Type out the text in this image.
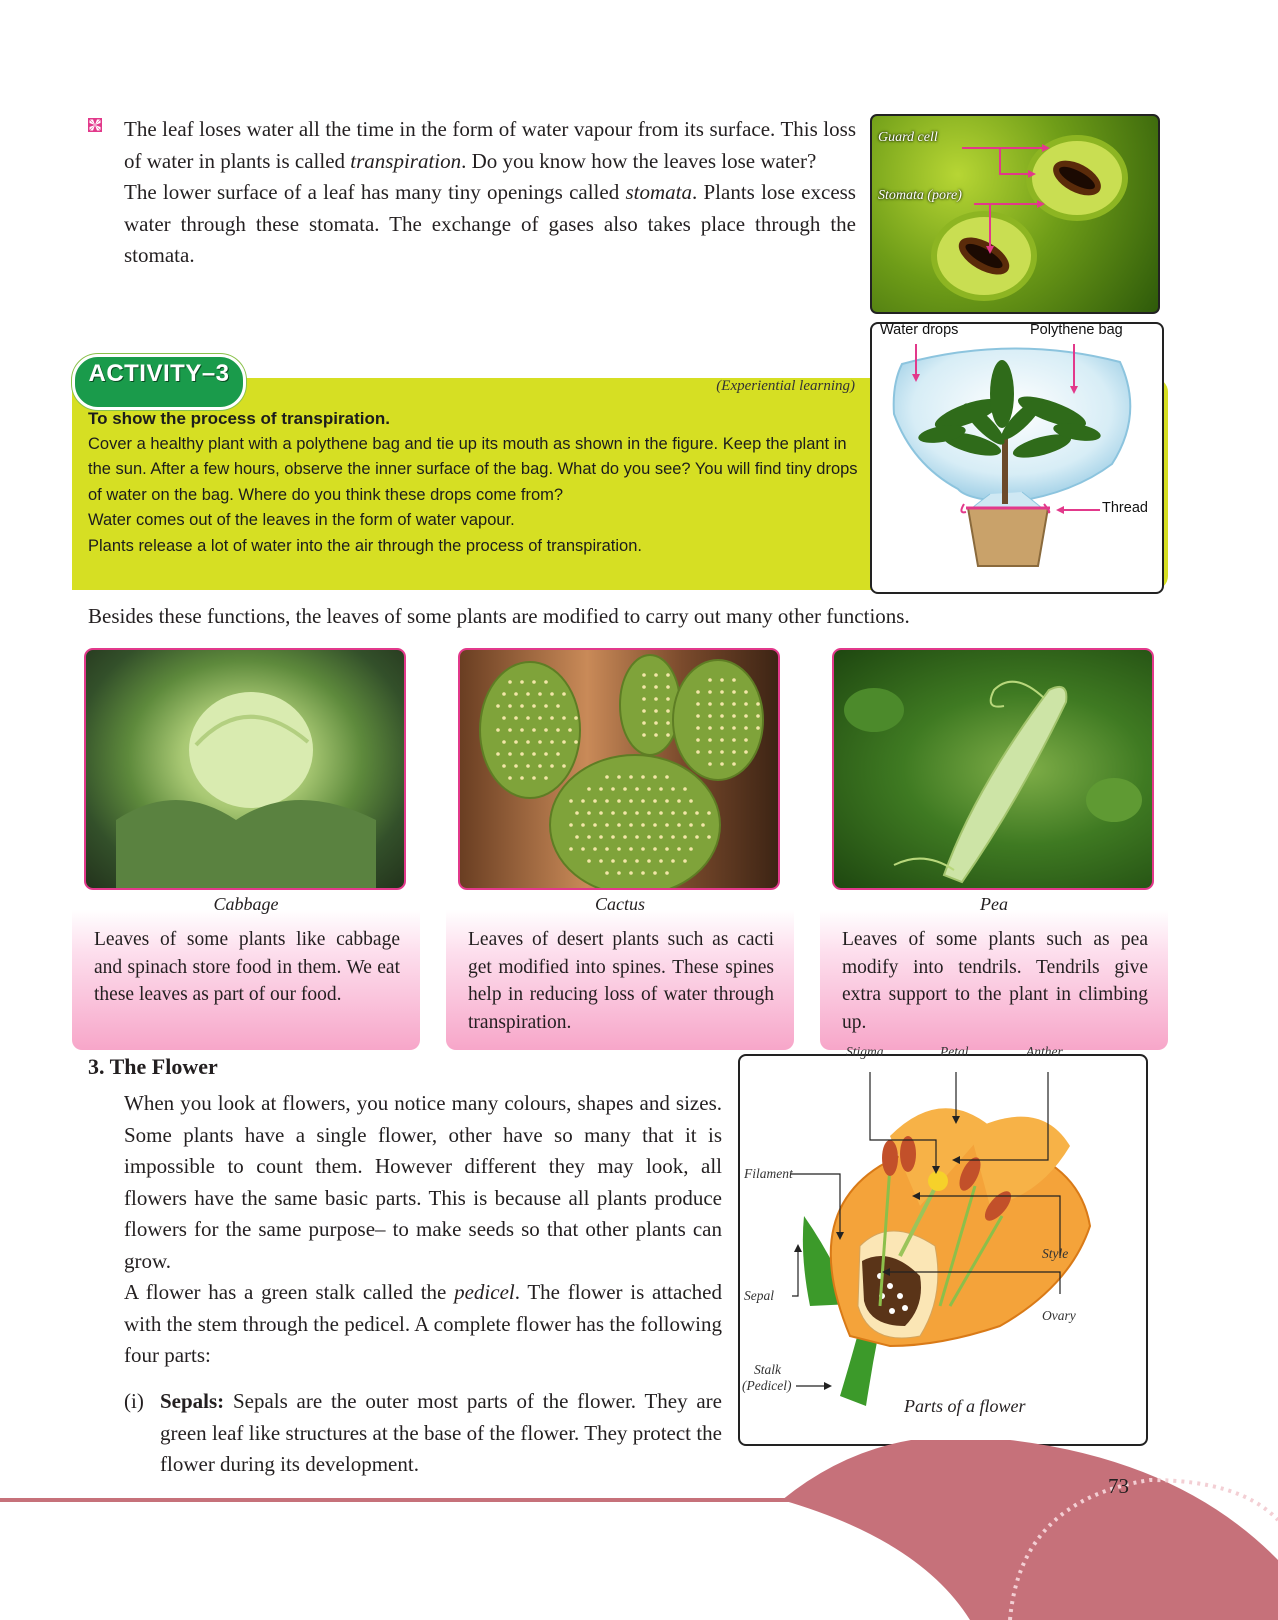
The leaf loses water all the time in the form of water vapour from its surface. This loss of water in plants is called transpiration. Do you know how the leaves lose water?
The lower surface of a leaf has many tiny openings called stomata. Plants lose excess water through these stomata. The exchange of gases also takes place through the stomata.
Guard cell
Stomata (pore)
ACTIVITY–3	(Experiential learning)
To show the process of transpiration.
Cover a healthy plant with a polythene bag and tie up its mouth as shown in the figure. Keep the plant in
the sun. After a few hours, observe the inner surface of the bag. What do you see? You will find tiny drops
of water on the bag. Where do you think these drops come from?
Water comes out of the leaves in the form of water vapour.
Plants release a lot of water into the air through the process of transpiration.
Water drops	Polythene bag
Thread
Besides these functions, the leaves of some plants are modified to carry out many other functions.
Cabbage
Leaves of some plants like cabbage and spinach store food in them. We eat these leaves as part of our food.
Cactus
Leaves of desert plants such as cacti get modified into spines. These spines help in reducing loss of water through transpiration.
Pea
Leaves of some plants such as pea modify into tendrils. Tendrils give extra support to the plant in climbing up.
3. The Flower
When you look at flowers, you notice many colours, shapes and sizes. Some plants have a single flower, other have so many that it is impossible to count them. However different they may look, all flowers have the same basic parts. This is because all plants produce flowers for the same purpose– to make seeds so that other plants can grow.
A flower has a green stalk called the pedicel. The flower is attached with the stem through the pedicel. A complete flower has the following four parts:
(i) Sepals: Sepals are the outer most parts of the flower. They are green leaf like structures at the base of the flower. They protect the flower during its development.
Stigma	Petal	Anther
Filament
Style
Sepal
Ovary
Stalk
(Pedicel)
Parts of a flower
73
